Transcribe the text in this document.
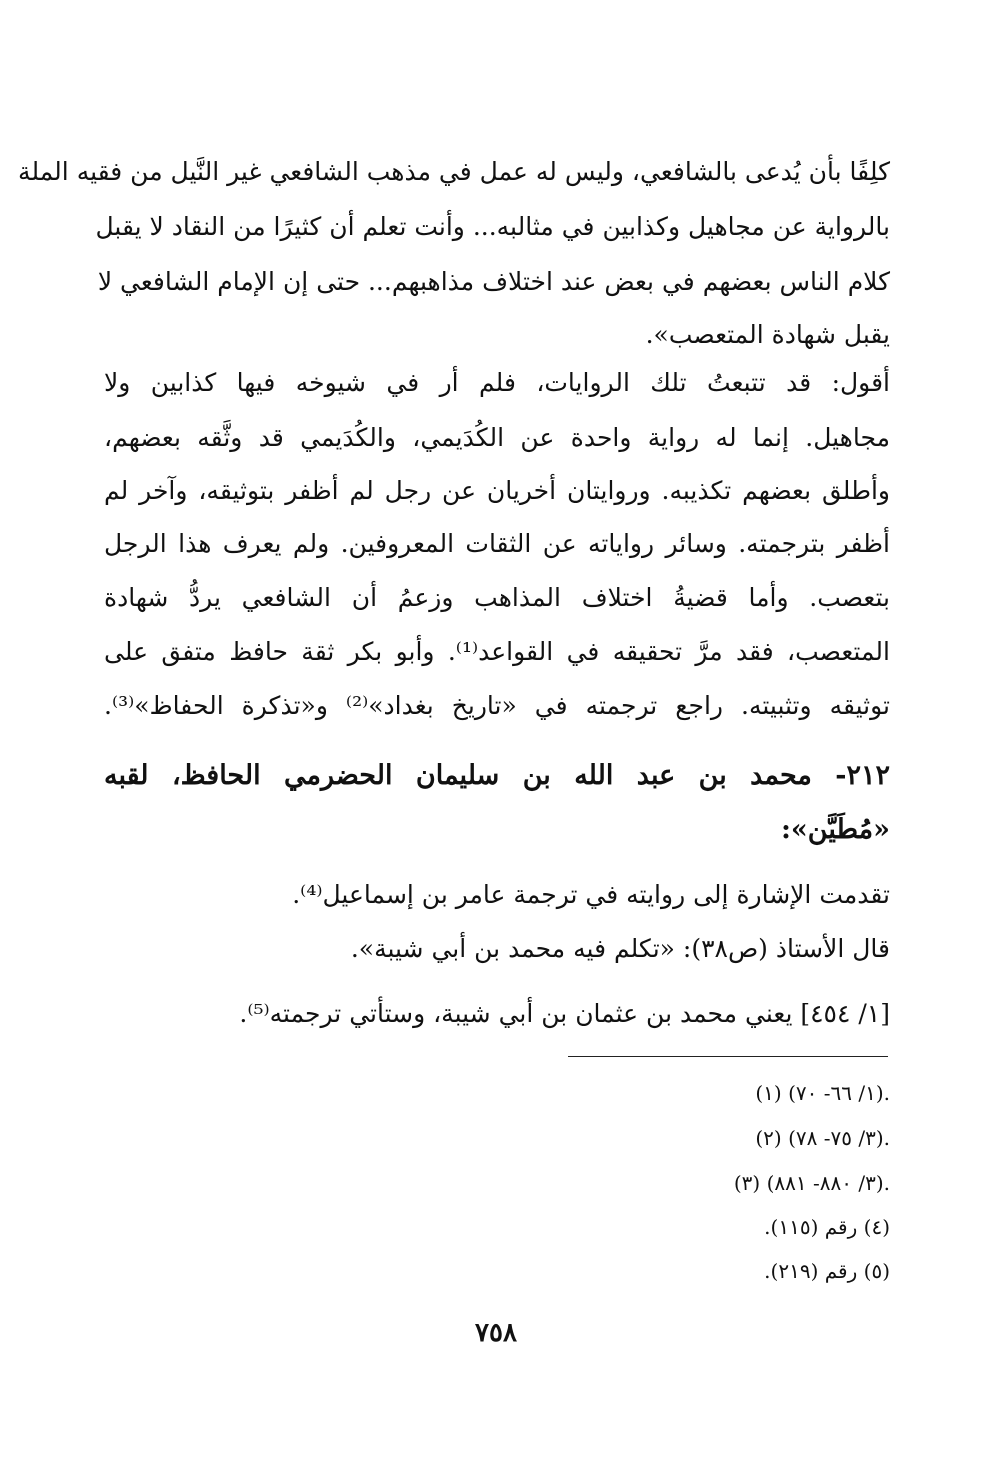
كلِفًا بأن يُدعى بالشافعي، وليس له عمل في مذهب الشافعي غير النَّيل من فقيه الملة
بالرواية عن مجاهيل وكذابين في مثالبه... وأنت تعلم أن كثيرًا من النقاد لا يقبل
كلام الناس بعضهم في بعض عند اختلاف مذاهبهم... حتى إن الإمام الشافعي لا
يقبل شهادة المتعصب».
أقول: قد تتبعتُ تلك الروايات، فلم أر في شيوخه فيها كذابين ولا
مجاهيل. إنما له رواية واحدة عن الكُدَيمي، والكُدَيمي قد وثَّقه بعضهم،
وأطلق بعضهم تكذيبه. وروايتان أخريان عن رجل لم أظفر بتوثيقه، وآخر لم
أظفر بترجمته. وسائر رواياته عن الثقات المعروفين. ولم يعرف هذا الرجل
بتعصب. وأما قضيةُ اختلاف المذاهب وزعمُ أن الشافعي يردُّ شهادة
المتعصب، فقد مرَّ تحقيقه في القواعد⁽¹⁾. وأبو بكر ثقة حافظ متفق على
توثيقه وتثبيته. راجع ترجمته في «تاريخ بغداد»⁽²⁾ و«تذكرة الحفاظ»⁽³⁾.
٢١٢- محمد بن عبد الله بن سليمان الحضرمي الحافظ، لقبه
«مُطَيَّن»:
تقدمت الإشارة إلى روايته في ترجمة عامر بن إسماعيل⁽⁴⁾.
قال الأستاذ (ص٣٨): «تكلم فيه محمد بن أبي شيبة».
[١/ ٤٥٤] يعني محمد بن عثمان بن أبي شيبة، وستأتي ترجمته⁽⁵⁾.
(١) (١/ ٦٦- ٧٠).
(٢) (٣/ ٧٥- ٧٨).
(٣) (٣/ ٨٨٠- ٨٨١).
(٤) رقم (١١٥).
(٥) رقم (٢١٩).
٧٥٨
